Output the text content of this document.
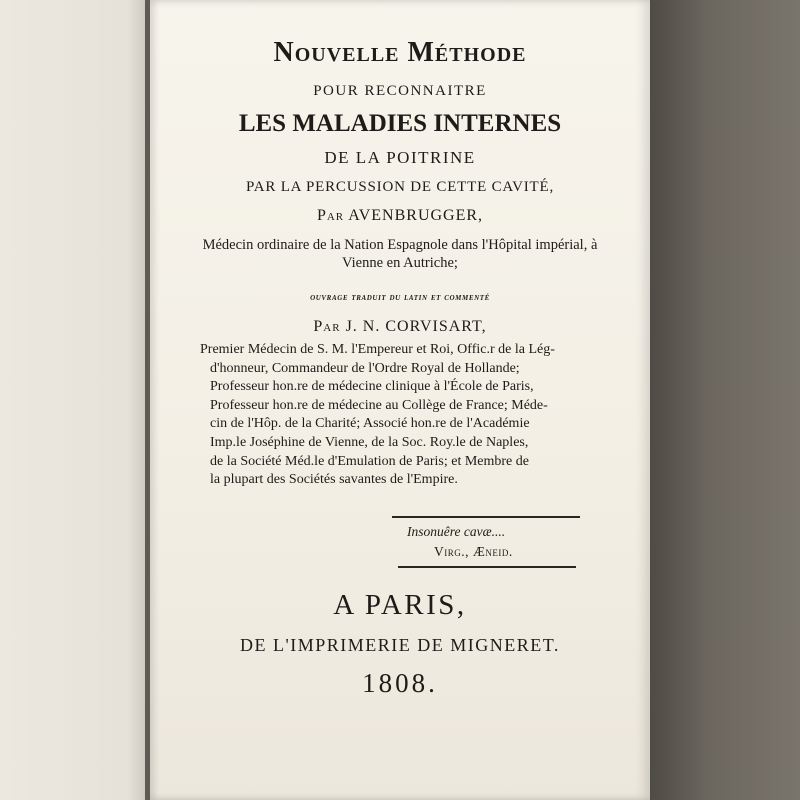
Nouvelle Méthode
POUR RECONNAITRE
LES MALADIES INTERNES
DE LA POITRINE
PAR LA PERCUSSION DE CETTE CAVITÉ,
Par AVENBRUGGER,
Médecin ordinaire de la Nation Espagnole dans l'Hôpital impérial, à Vienne en Autriche;
ouvrage traduit du latin et commenté
Par J. N. CORVISART,
Premier Médecin de S. M. l'Empereur et Roi, Offic.r de la Lég-
d'honneur, Commandeur de l'Ordre Royal de Hollande;
Professeur hon.re de médecine clinique à l'École de Paris,
Professeur hon.re de médecine au Collège de France; Méde-
cin de l'Hôp. de la Charité; Associé hon.re de l'Académie
Imp.le Joséphine de Vienne, de la Soc. Roy.le de Naples,
de la Société Méd.le d'Emulation de Paris; et Membre de
la plupart des Sociétés savantes de l'Empire.
Insonuêre cavæ....
Virg., Æneid.
A PARIS,
DE L'IMPRIMERIE DE MIGNERET.
1808.
